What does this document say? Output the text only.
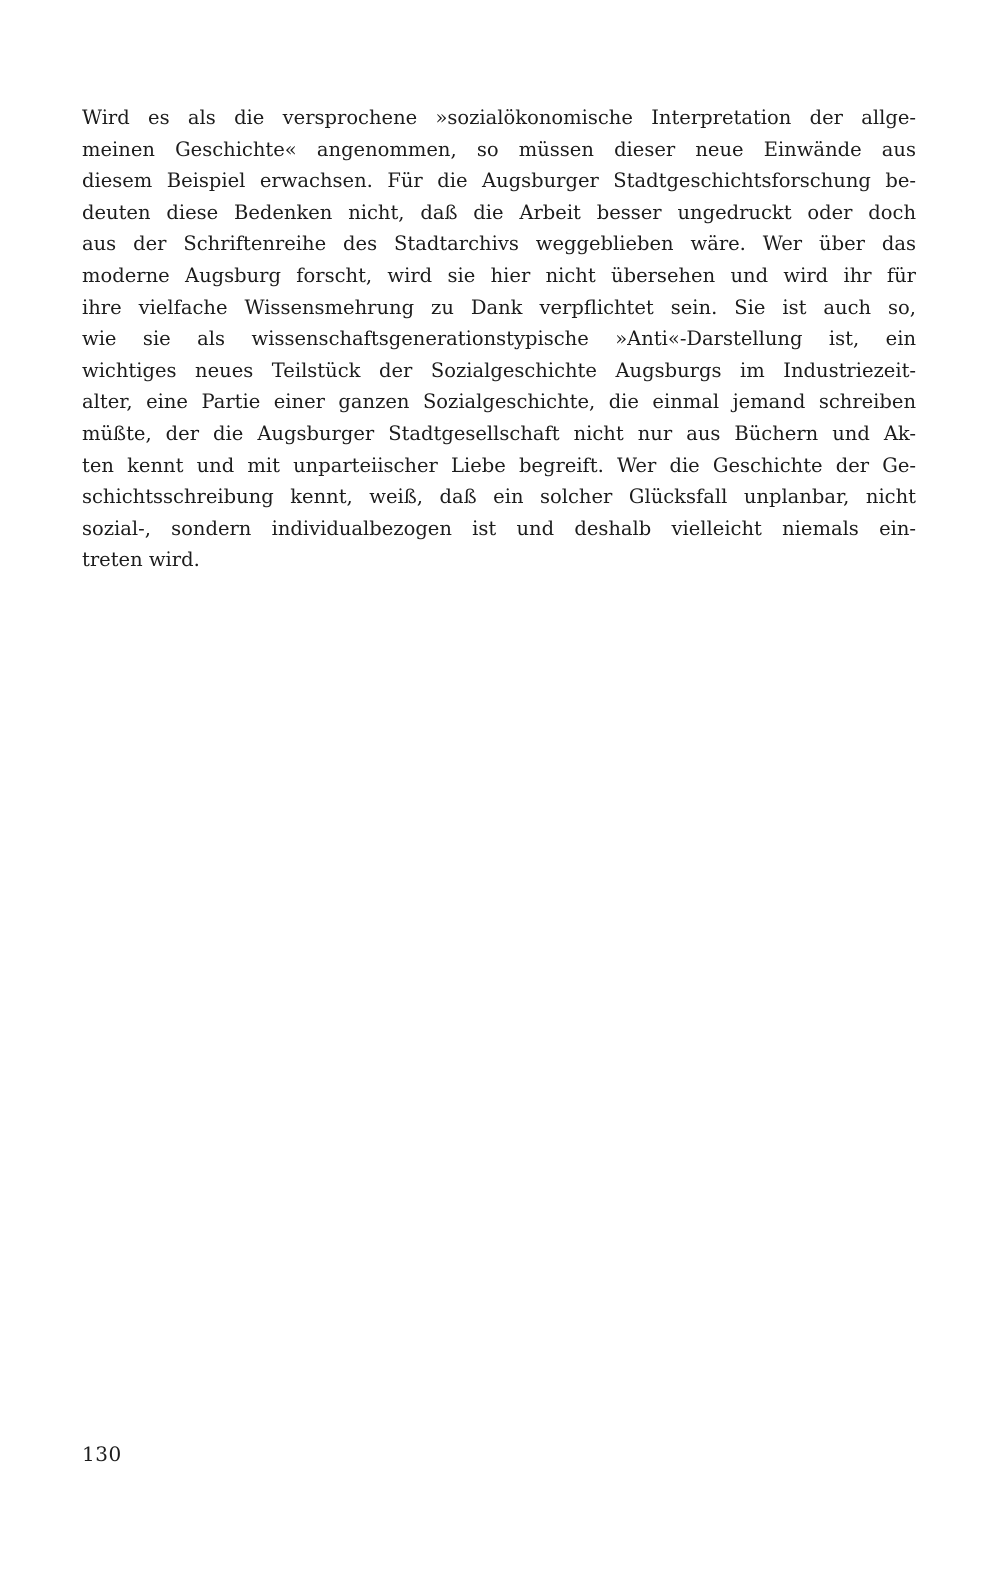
Wird es als die versprochene »sozialökonomische Interpretation der allge-
meinen Geschichte« angenommen, so müssen dieser neue Einwände aus
diesem Beispiel erwachsen. Für die Augsburger Stadtgeschichtsforschung be-
deuten diese Bedenken nicht, daß die Arbeit besser ungedruckt oder doch
aus der Schriftenreihe des Stadtarchivs weggeblieben wäre. Wer über das
moderne Augsburg forscht, wird sie hier nicht übersehen und wird ihr für
ihre vielfache Wissensmehrung zu Dank verpflichtet sein. Sie ist auch so,
wie sie als wissenschaftsgenerationstypische »Anti«-Darstellung ist, ein
wichtiges neues Teilstück der Sozialgeschichte Augsburgs im Industriezeit-
alter, eine Partie einer ganzen Sozialgeschichte, die einmal jemand schreiben
müßte, der die Augsburger Stadtgesellschaft nicht nur aus Büchern und Ak-
ten kennt und mit unparteiischer Liebe begreift. Wer die Geschichte der Ge-
schichtsschreibung kennt, weiß, daß ein solcher Glücksfall unplanbar, nicht
sozial-, sondern individualbezogen ist und deshalb vielleicht niemals ein-
treten wird.
130
